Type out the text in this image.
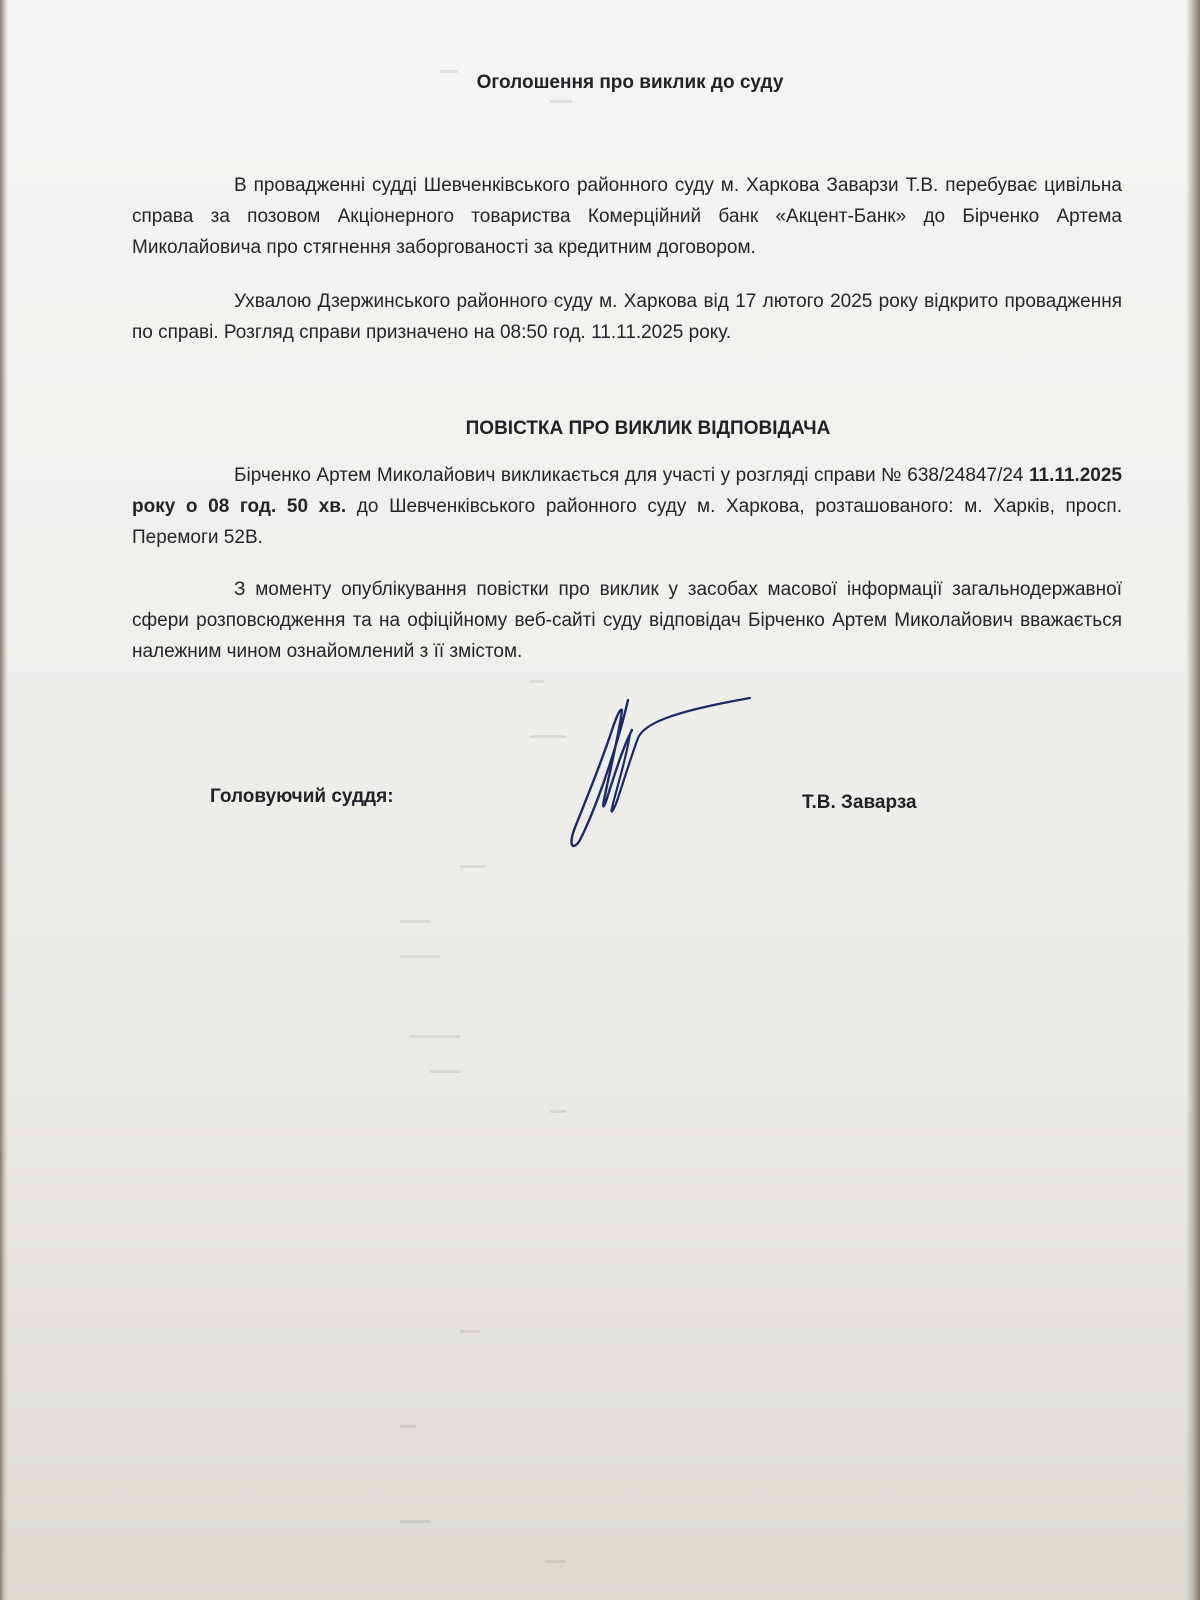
Оголошення про виклик до суду

В провадженні судді Шевченківського районного суду м. Харкова Заварзи Т.В. перебуває цивільна справа за позовом Акціонерного товариства Комерційний банк «Акцент-Банк» до Бірченко Артема Миколайовича про стягнення заборгованості за кредитним договором.

Ухвалою Дзержинського районного суду м. Харкова від 17 лютого 2025 року відкрито провадження по справі. Розгляд справи призначено на 08:50 год. 11.11.2025 року.

ПОВІСТКА ПРО ВИКЛИК ВІДПОВІДАЧА

Бірченко Артем Миколайович викликається для участі у розгляді справи № 638/24847/24 11.11.2025 року о 08 год. 50 хв. до Шевченківського районного суду м. Харкова, розташованого: м. Харків, просп. Перемоги 52В.

З моменту опублікування повістки про виклик у засобах масової інформації загальнодержавної сфери розповсюдження та на офіційному веб-сайті суду відповідач Бірченко Артем Миколайович вважається належним чином ознайомлений з її змістом.

Головуючий суддя:	Т.В. Заварза
